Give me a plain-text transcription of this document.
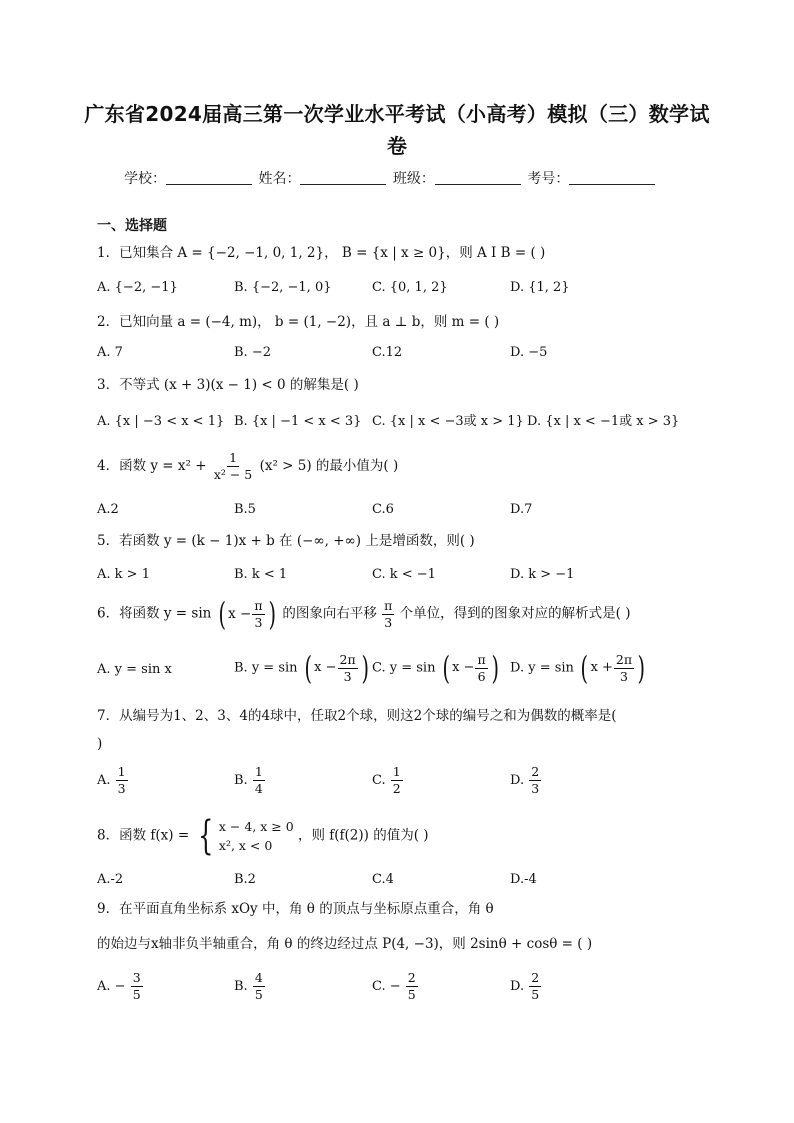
广东省2024届高三第一次学业水平考试（小高考）模拟（三）数学试
卷
学校：	姓名：	班级：	考号：
一、选择题
1．已知集合 A = {−2, −1, 0, 1, 2}， B = {x | x ≥ 0}，则 A I B = ( )
A. {−2, −1}	B. {−2, −1, 0}	C. {0, 1, 2}	D. {1, 2}
2．已知向量 a = (−4, m)， b = (1, −2)，且 a ⊥ b，则 m = ( )
A. 7	B. −2	C.12	D. −5
3．不等式 (x + 3)(x − 1) < 0 的解集是( )
A. {x | −3 < x < 1} B. {x | −1 < x < 3} C. {x | x < −3或 x > 1} D. {x | x < −1或 x > 3}
4．函数 $y = x^2 + \frac{1}{\text{x² − 5}} (x^2 > 5)$ 的最小值为( )
A.2	B.5	C.6	D.7
5．若函数 y = (k − 1)x + b 在 (−∞, +∞) 上是增函数，则( )
A. k > 1	B. k < 1	C. k < −1	D. k > −1
6．将函数 y = sin ( $x - \frac{\pi}{3}$ ) 的图象向右平移 $\frac{\pi}{3}$ 个单位，得到的图象对应的解析式是( )
A. y = sin x	B. y = sin ( $x - \frac{2\pi}{3}$ ) C. y = sin ( $x - \frac{\pi}{6}$ ) D. y = sin ( $x + \frac{2\pi}{3}$ )
7．从编号为1、2、3、4的4球中，任取2个球，则这2个球的编号之和为偶数的概率是(
)
A. $\frac{1}{3}$	B. $\frac{1}{4}$	C. $\frac{1}{2}$	D. $\frac{2}{3}$
8．函数 f(x) = { x − 4, x ≥ 0
x², x < 0
，则 f(f(2)) 的值为( )
A.-2	B.2	C.4	D.-4
9．在平面直角坐标系 xOy 中，角 θ 的顶点与坐标原点重合，角 θ
的始边与x轴非负半轴重合，角 θ 的终边经过点 P(4, −3)，则 2sinθ + cosθ = ( )
A. − $\frac{3}{5}$	B. $\frac{4}{5}$	C. − $\frac{2}{5}$	D. $\frac{2}{5}$
